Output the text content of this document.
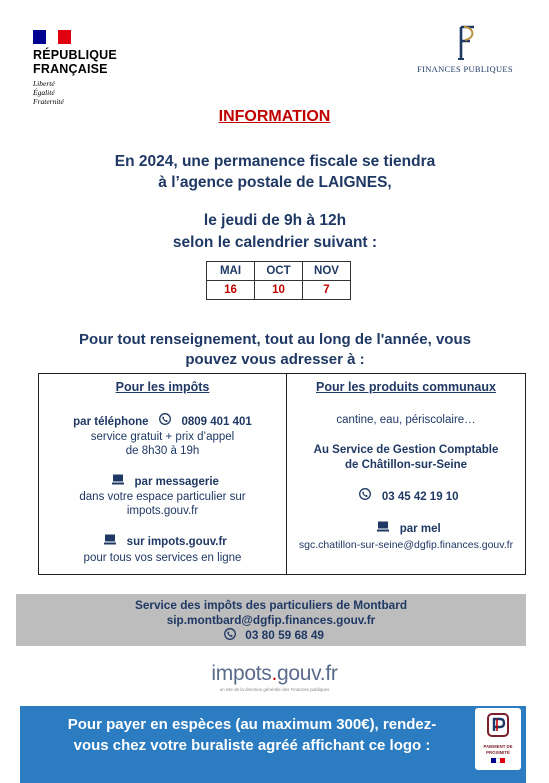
RÉPUBLIQUE
FRANÇAISE
Liberté
Égalité
Fraternité
FINANCES PUBLIQUES
INFORMATION
En 2024, une permanence fiscale se tiendra
à l’agence postale de LAIGNES,
le jeudi de 9h à 12h
selon le calendrier suivant :
MAI	OCT	NOV
16	10	7
Pour tout renseignement, tout au long de l'année, vous
pouvez vous adresser à :
Pour les impôts
par téléphone	0809 401 401
service gratuit + prix d’appel
de 8h30 à 19h
par messagerie
dans votre espace particulier sur
impots.gouv.fr
sur impots.gouv.fr
pour tous vos services en ligne
Pour les produits communaux
cantine, eau, périscolaire…
Au Service de Gestion Comptable
de Châtillon-sur-Seine
03 45 42 19 10
par mel
sgc.chatillon-sur-seine@dgfip.finances.gouv.fr
Service des impôts des particuliers de Montbard
sip.montbard@dgfip.finances.gouv.fr
03 80 59 68 49
impots.gouv.fr
un site de la direction générale des Finances publiques
Pour payer en espèces (au maximum 300€), rendez-
vous chez votre buraliste agréé affichant ce logo :	PAIEMENT DE
PROXIMITÉ
